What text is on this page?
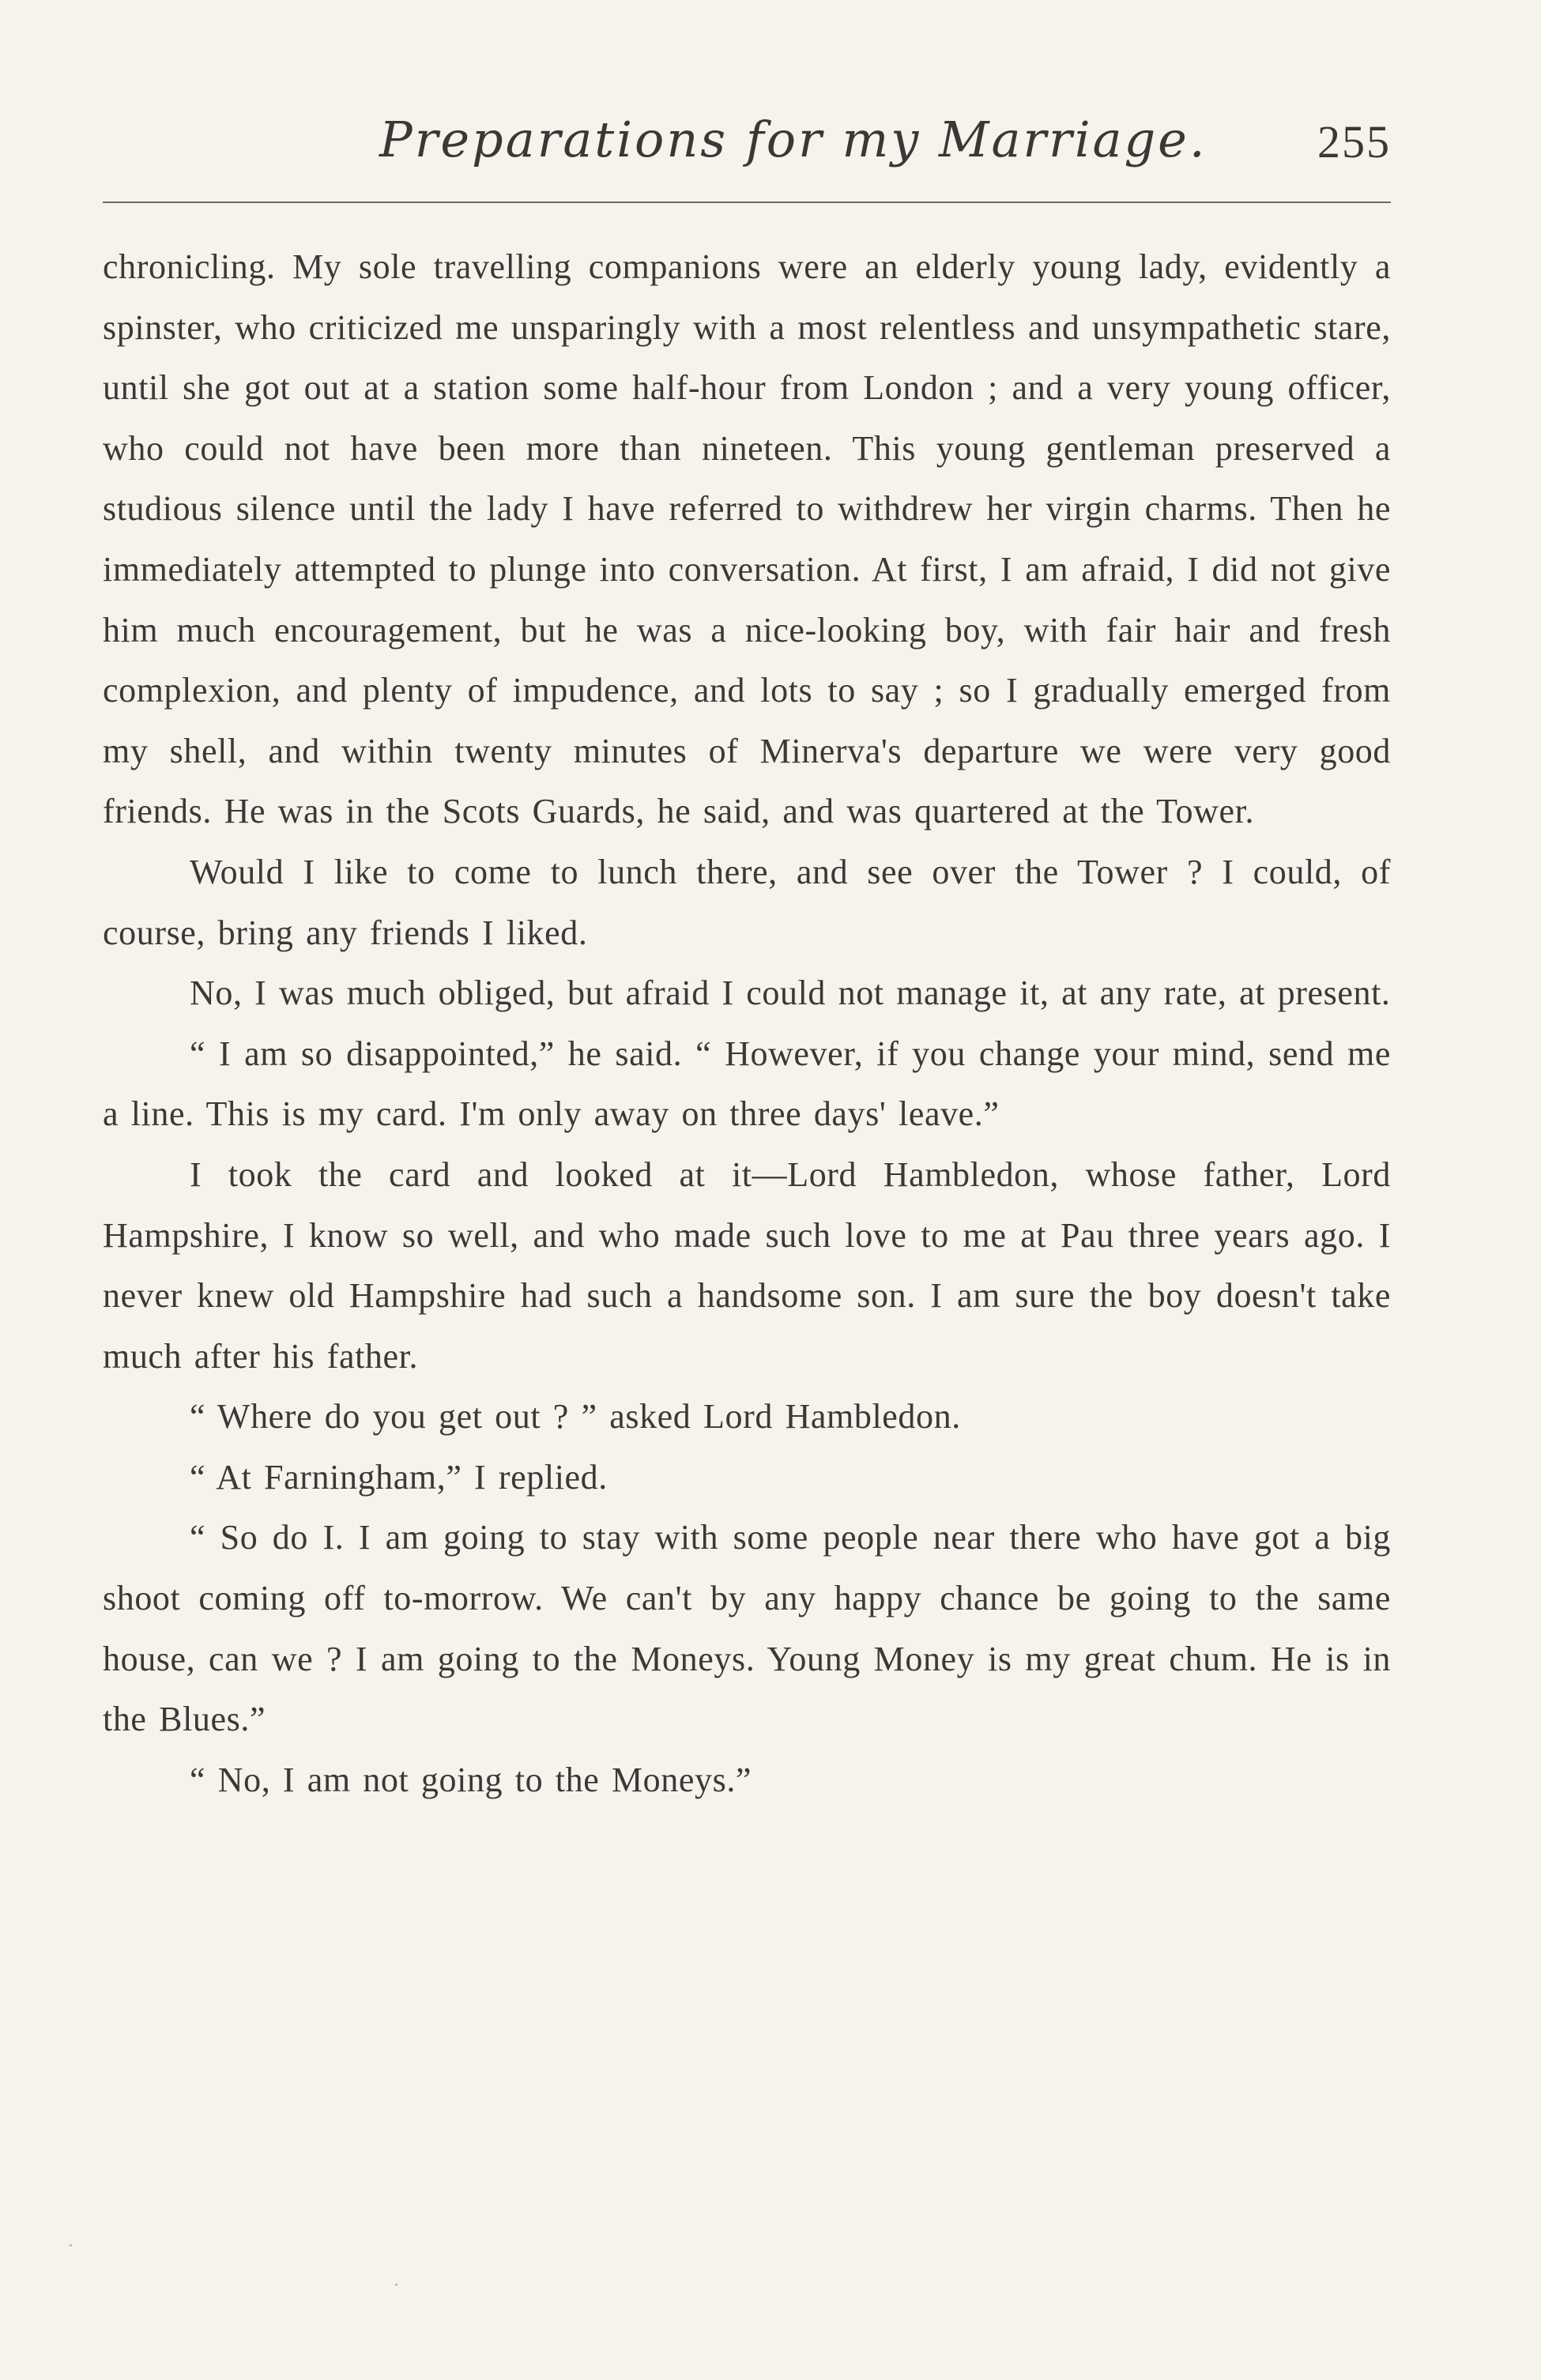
Preparations for my Marriage. 255

chronicling. My sole travelling companions were an elderly young lady, evidently a spinster, who criticized me unsparingly with a most relentless and unsympathetic stare, until she got out at a station some half-hour from London ; and a very young officer, who could not have been more than nineteen. This young gentleman preserved a studious silence until the lady I have referred to withdrew her virgin charms. Then he immediately attempted to plunge into conversation. At first, I am afraid, I did not give him much encouragement, but he was a nice-looking boy, with fair hair and fresh complexion, and plenty of impudence, and lots to say ; so I gradually emerged from my shell, and within twenty minutes of Minerva's departure we were very good friends. He was in the Scots Guards, he said, and was quartered at the Tower.

Would I like to come to lunch there, and see over the Tower ? I could, of course, bring any friends I liked.

No, I was much obliged, but afraid I could not manage it, at any rate, at present.

“ I am so disappointed,” he said. “ However, if you change your mind, send me a line. This is my card. I'm only away on three days' leave.”

I took the card and looked at it—Lord Hambledon, whose father, Lord Hampshire, I know so well, and who made such love to me at Pau three years ago. I never knew old Hampshire had such a handsome son. I am sure the boy doesn't take much after his father.

“ Where do you get out ? ” asked Lord Hambledon.

“ At Farningham,” I replied.

“ So do I. I am going to stay with some people near there who have got a big shoot coming off to-morrow. We can't by any happy chance be going to the same house, can we ? I am going to the Moneys. Young Money is my great chum. He is in the Blues.”

“ No, I am not going to the Moneys.”
